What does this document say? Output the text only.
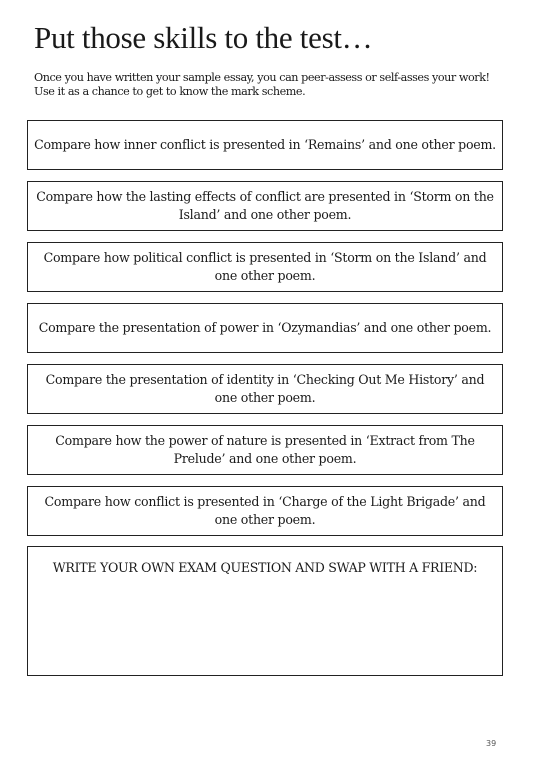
Put those skills to the test…

Once you have written your sample essay, you can peer-assess or self-asses your work!
Use it as a chance to get to know the mark scheme.

Compare how inner conflict is presented in ‘Remains’ and one other poem.
Compare how the lasting effects of conflict are presented in ‘Storm on the Island’ and one other poem.
Compare how political conflict is presented in ‘Storm on the Island’ and one other poem.
Compare the presentation of power in ‘Ozymandias’ and one other poem.
Compare the presentation of identity in ‘Checking Out Me History’ and one other poem.
Compare how the power of nature is presented in ‘Extract from The Prelude’ and one other poem.
Compare how conflict is presented in ‘Charge of the Light Brigade’ and one other poem.
WRITE YOUR OWN EXAM QUESTION AND SWAP WITH A FRIEND:
39
